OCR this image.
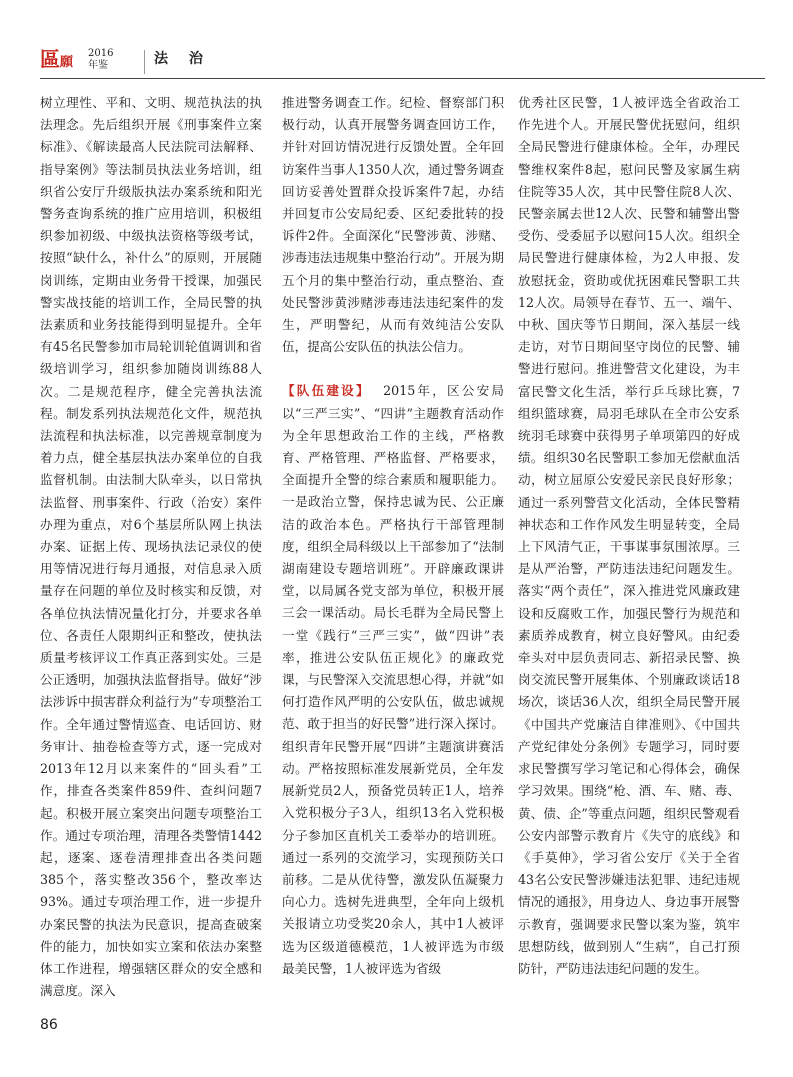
區願
2016
年鉴	法 治

树立理性、平和、文明、规范执法的执法理念。先后组织开展《刑事案件立案标准》、《解读最高人民法院司法解释、指导案例》等法制员执法业务培训，组织省公安厅升级版执法办案系统和阳光警务查询系统的推广应用培训，积极组织参加初级、中级执法资格等级考试，按照“缺什么，补什么”的原则，开展随岗训练，定期由业务骨干授课，加强民警实战技能的培训工作，全局民警的执法素质和业务技能得到明显提升。全年有45名民警参加市局轮训轮值调训和省级培训学习，组织参加随岗训练88人次。二是规范程序，健全完善执法流程。制发系列执法规范化文件，规范执法流程和执法标准，以完善规章制度为着力点，健全基层执法办案单位的自我监督机制。由法制大队牵头，以日常执法监督、刑事案件、行政（治安）案件办理为重点，对6个基层所队网上执法办案、证据上传、现场执法记录仪的使用等情况进行每月通报，对信息录入质量存在问题的单位及时核实和反馈，对各单位执法情况量化打分，并要求各单位、各责任人限期纠正和整改，使执法质量考核评议工作真正落到实处。三是公正透明，加强执法监督指导。做好“涉法涉诉中损害群众利益行为”专项整治工作。全年通过警情巡查、电话回访、财务审计、抽卷检查等方式，逐一完成对2013年12月以来案件的“回头看”工作，排查各类案件859件、查纠问题7起。积极开展立案突出问题专项整治工作。通过专项治理，清理各类警情1442起，逐案、逐卷清理排查出各类问题385个，落实整改356个，整改率达93%。通过专项治理工作，进一步提升办案民警的执法为民意识，提高查破案件的能力，加快如实立案和依法办案整体工作进程，增强辖区群众的安全感和满意度。深入

推进警务调查工作。纪检、督察部门积极行动，认真开展警务调查回访工作，并针对回访情况进行反馈处置。全年回访案件当事人1350人次，通过警务调查回访妥善处置群众投诉案件7起，办结并回复市公安局纪委、区纪委批转的投诉件2件。全面深化“民警涉黄、涉赌、涉毒违法违规集中整治行动”。开展为期五个月的集中整治行动，重点整治、查处民警涉黄涉赌涉毒违法违纪案件的发生，严明警纪，从而有效纯洁公安队伍，提高公安队伍的执法公信力。

【队伍建设】 2015年，区公安局以“三严三实”、“四讲”主题教育活动作为全年思想政治工作的主线，严格教育、严格管理、严格监督、严格要求，全面提升全警的综合素质和履职能力。一是政治立警，保持忠诚为民、公正廉洁的政治本色。严格执行干部管理制度，组织全局科级以上干部参加了“法制湖南建设专题培训班”。开辟廉政课讲堂，以局属各党支部为单位，积极开展三会一课活动。局长毛群为全局民警上一堂《践行“三严三实”，做“四讲”表率，推进公安队伍正规化》的廉政党课，与民警深入交流思想心得，并就“如何打造作风严明的公安队伍，做忠诚规范、敢于担当的好民警”进行深入探讨。组织青年民警开展“四讲”主题演讲赛活动。严格按照标准发展新党员，全年发展新党员2人，预备党员转正1人，培养入党积极分子3人，组织13名入党积极分子参加区直机关工委举办的培训班。通过一系列的交流学习，实现预防关口前移。二是从优待警，激发队伍凝聚力向心力。选树先进典型，全年向上级机关报请立功受奖20余人，其中1人被评选为区级道德模范，1人被评选为市级最美民警，1人被评选为省级

优秀社区民警，1人被评选全省政治工作先进个人。开展民警优抚慰问，组织全局民警进行健康体检。全年，办理民警维权案件8起，慰问民警及家属生病住院等35人次，其中民警住院8人次、民警亲属去世12人次、民警和辅警出警受伤、受委屈予以慰问15人次。组织全局民警进行健康体检，为2人申报、发放慰抚金，资助或优抚困难民警职工共12人次。局领导在春节、五一、端午、中秋、国庆等节日期间，深入基层一线走访，对节日期间坚守岗位的民警、辅警进行慰问。推进警营文化建设，为丰富民警文化生活，举行乒乓球比赛，7组织篮球赛，局羽毛球队在全市公安系统羽毛球赛中获得男子单项第四的好成绩。组织30名民警职工参加无偿献血活动，树立屈原公安爱民亲民良好形象；通过一系列警营文化活动，全体民警精神状态和工作作风发生明显转变，全局上下风清气正，干事谋事氛围浓厚。三是从严治警，严防违法违纪问题发生。落实“两个责任”，深入推进党风廉政建设和反腐败工作，加强民警行为规范和素质养成教育，树立良好警风。由纪委牵头对中层负责同志、新招录民警、换岗交流民警开展集体、个别廉政谈话18场次，谈话36人次，组织全局民警开展《中国共产党廉洁自律准则》、《中国共产党纪律处分条例》专题学习，同时要求民警撰写学习笔记和心得体会，确保学习效果。围绕“枪、酒、车、赌、毒、黄、债、企”等重点问题，组织民警观看公安内部警示教育片《失守的底线》和《手莫伸》，学习省公安厅《关于全省43名公安民警涉嫌违法犯罪、违纪违规情况的通报》，用身边人、身边事开展警示教育，强调要求民警以案为鉴，筑牢思想防线，做到别人“生病”，自己打预防针，严防违法违纪问题的发生。

86
